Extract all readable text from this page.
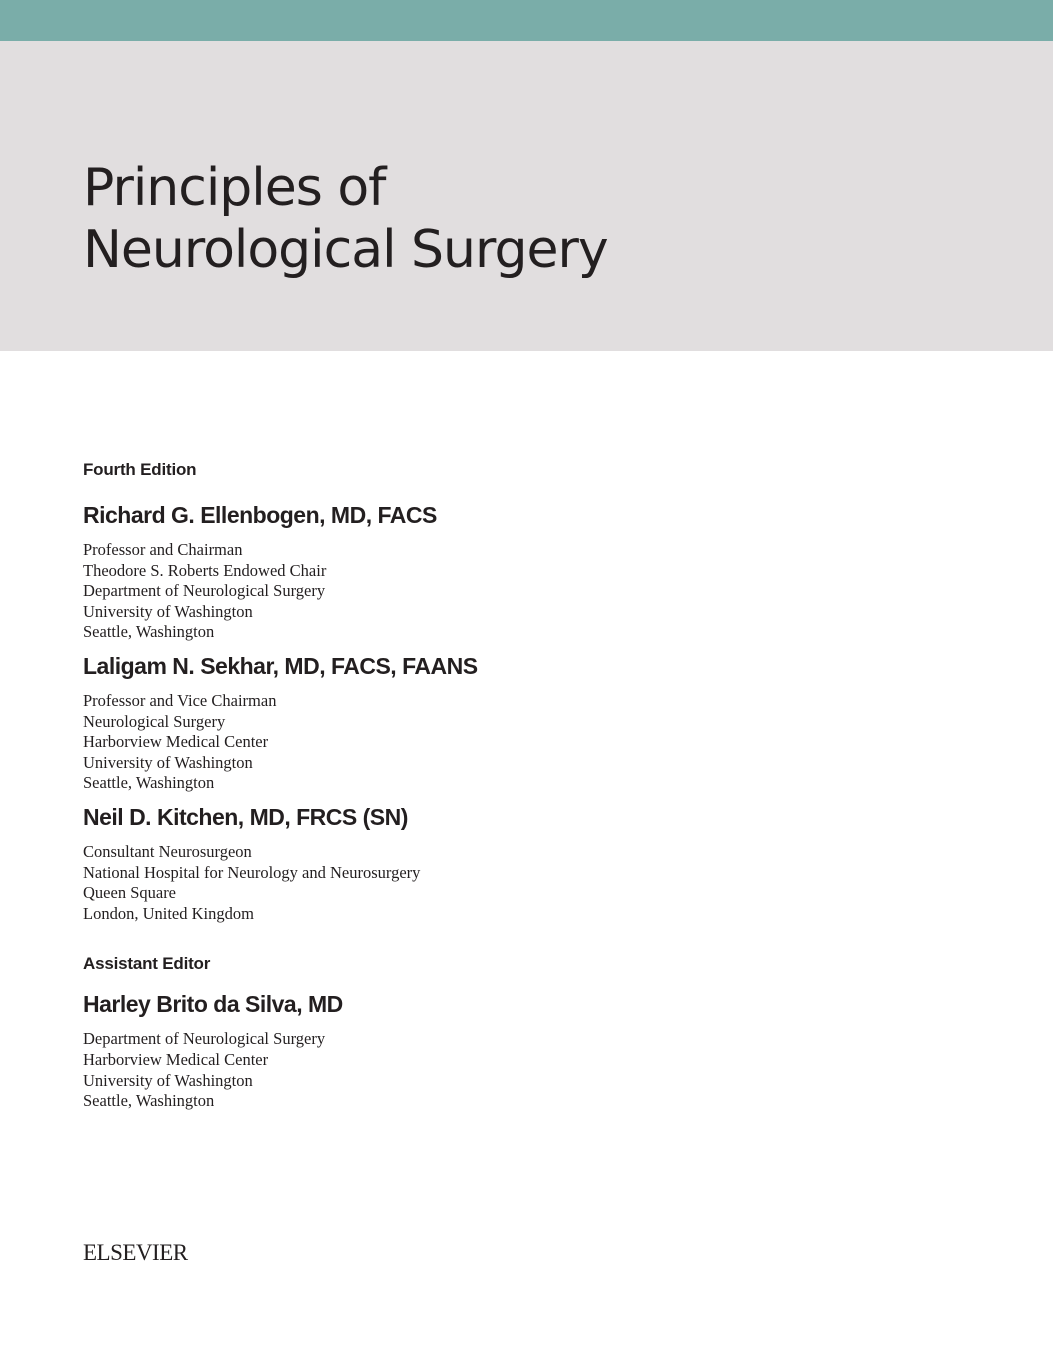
Principles of
Neurological Surgery
Fourth Edition
Richard G. Ellenbogen, MD, FACS
Professor and Chairman
Theodore S. Roberts Endowed Chair
Department of Neurological Surgery
University of Washington
Seattle, Washington
Laligam N. Sekhar, MD, FACS, FAANS
Professor and Vice Chairman
Neurological Surgery
Harborview Medical Center
University of Washington
Seattle, Washington
Neil D. Kitchen, MD, FRCS (SN)
Consultant Neurosurgeon
National Hospital for Neurology and Neurosurgery
Queen Square
London, United Kingdom
Assistant Editor
Harley Brito da Silva, MD
Department of Neurological Surgery
Harborview Medical Center
University of Washington
Seattle, Washington
ELSEVIER
